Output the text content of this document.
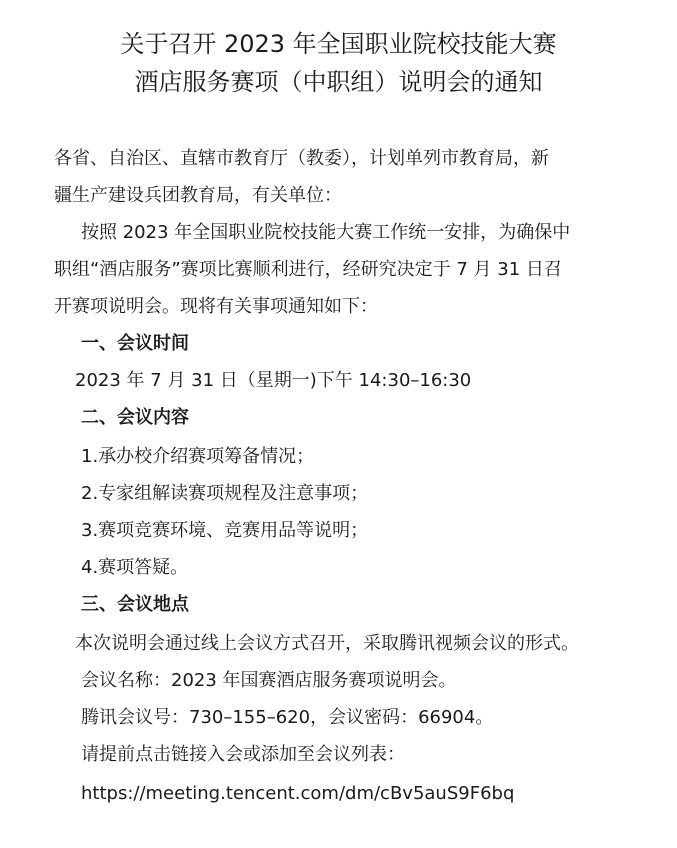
关于召开 2023 年全国职业院校技能大赛
酒店服务赛项（中职组）说明会的通知
各省、自治区、直辖市教育厅（教委），计划单列市教育局，新
疆生产建设兵团教育局，有关单位：
按照 2023 年全国职业院校技能大赛工作统一安排，为确保中
职组“酒店服务”赛项比赛顺利进行，经研究决定于 7 月 31 日召
开赛项说明会。现将有关事项通知如下：
一、会议时间
2023 年 7 月 31 日（星期一)下午 14:30–16:30
二、会议内容
1.承办校介绍赛项筹备情况；
2.专家组解读赛项规程及注意事项；
3.赛项竞赛环境、竞赛用品等说明；
4.赛项答疑。
三、会议地点
本次说明会通过线上会议方式召开，采取腾讯视频会议的形式。
会议名称：2023 年国赛酒店服务赛项说明会。
腾讯会议号：730–155–620，会议密码：66904。
请提前点击链接入会或添加至会议列表：
https://meeting.tencent.com/dm/cBv5auS9F6bq
